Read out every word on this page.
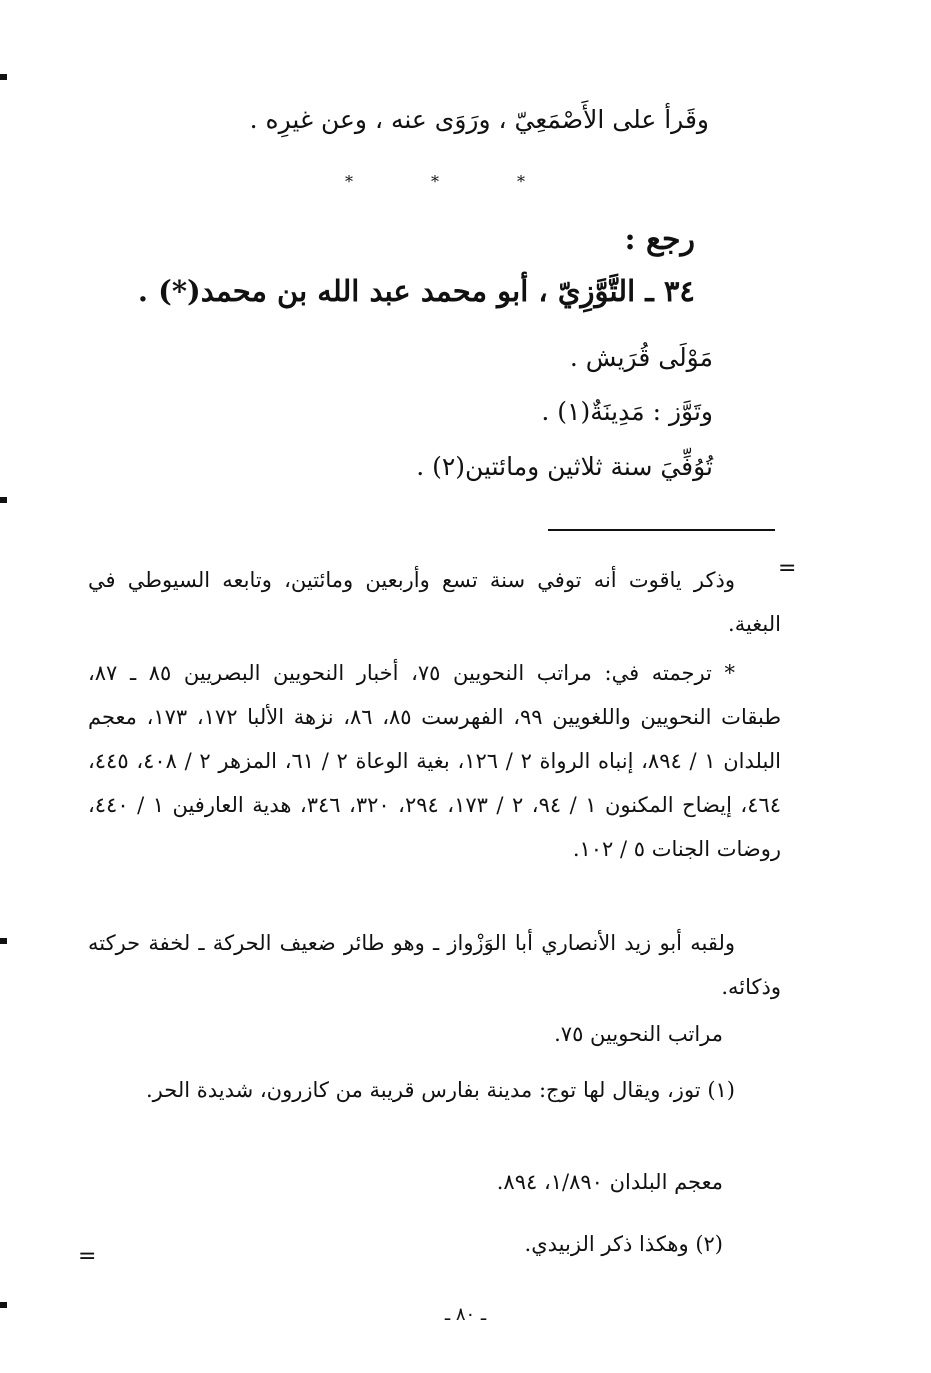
وقَرأ على الأَصْمَعِيّ ، ورَوَى عنه ، وعن غيرِه .

*	*	*

رجع :

٣٤ ـ التَّوَّزِيّ ، أبو محمد عبد الله بن محمد(*) .

مَوْلَى قُرَيش .

وتَوَّز : مَدِينَةٌ(١) .

تُوُفِّيَ سنة ثلاثين ومائتين(٢) .

=

وذكر ياقوت أنه توفي سنة تسع وأربعين ومائتين، وتابعه السيوطي في البغية.

* ترجمته في: مراتب النحويين ٧٥، أخبار النحويين البصريين ٨٥ ـ ٨٧، طبقات النحويين واللغويين ٩٩، الفهرست ٨٥، ٨٦، نزهة الألبا ١٧٢، ١٧٣، معجم البلدان ١ / ٨٩٤، إنباه الرواة ٢ / ١٢٦، بغية الوعاة ٢ / ٦١، المزهر ٢ / ٤٠٨، ٤٤٥، ٤٦٤، إيضاح المكنون ١ / ٩٤، ٢ / ١٧٣، ٢٩٤، ٣٢٠، ٣٤٦، هدية العارفين ١ / ٤٤٠، روضات الجنات ٥ / ١٠٢.

ولقبه أبو زيد الأنصاري أبا الوَزْواز ـ وهو طائر ضعيف الحركة ـ لخفة حركته وذكائه.

مراتب النحويين ٧٥.

(١) توز، ويقال لها توج: مدينة بفارس قريبة من كازرون، شديدة الحر.

معجم البلدان ١/٨٩٠، ٨٩٤.

(٢) وهكذا ذكر الزبيدي.

=
ـ ٨٠ ـ
